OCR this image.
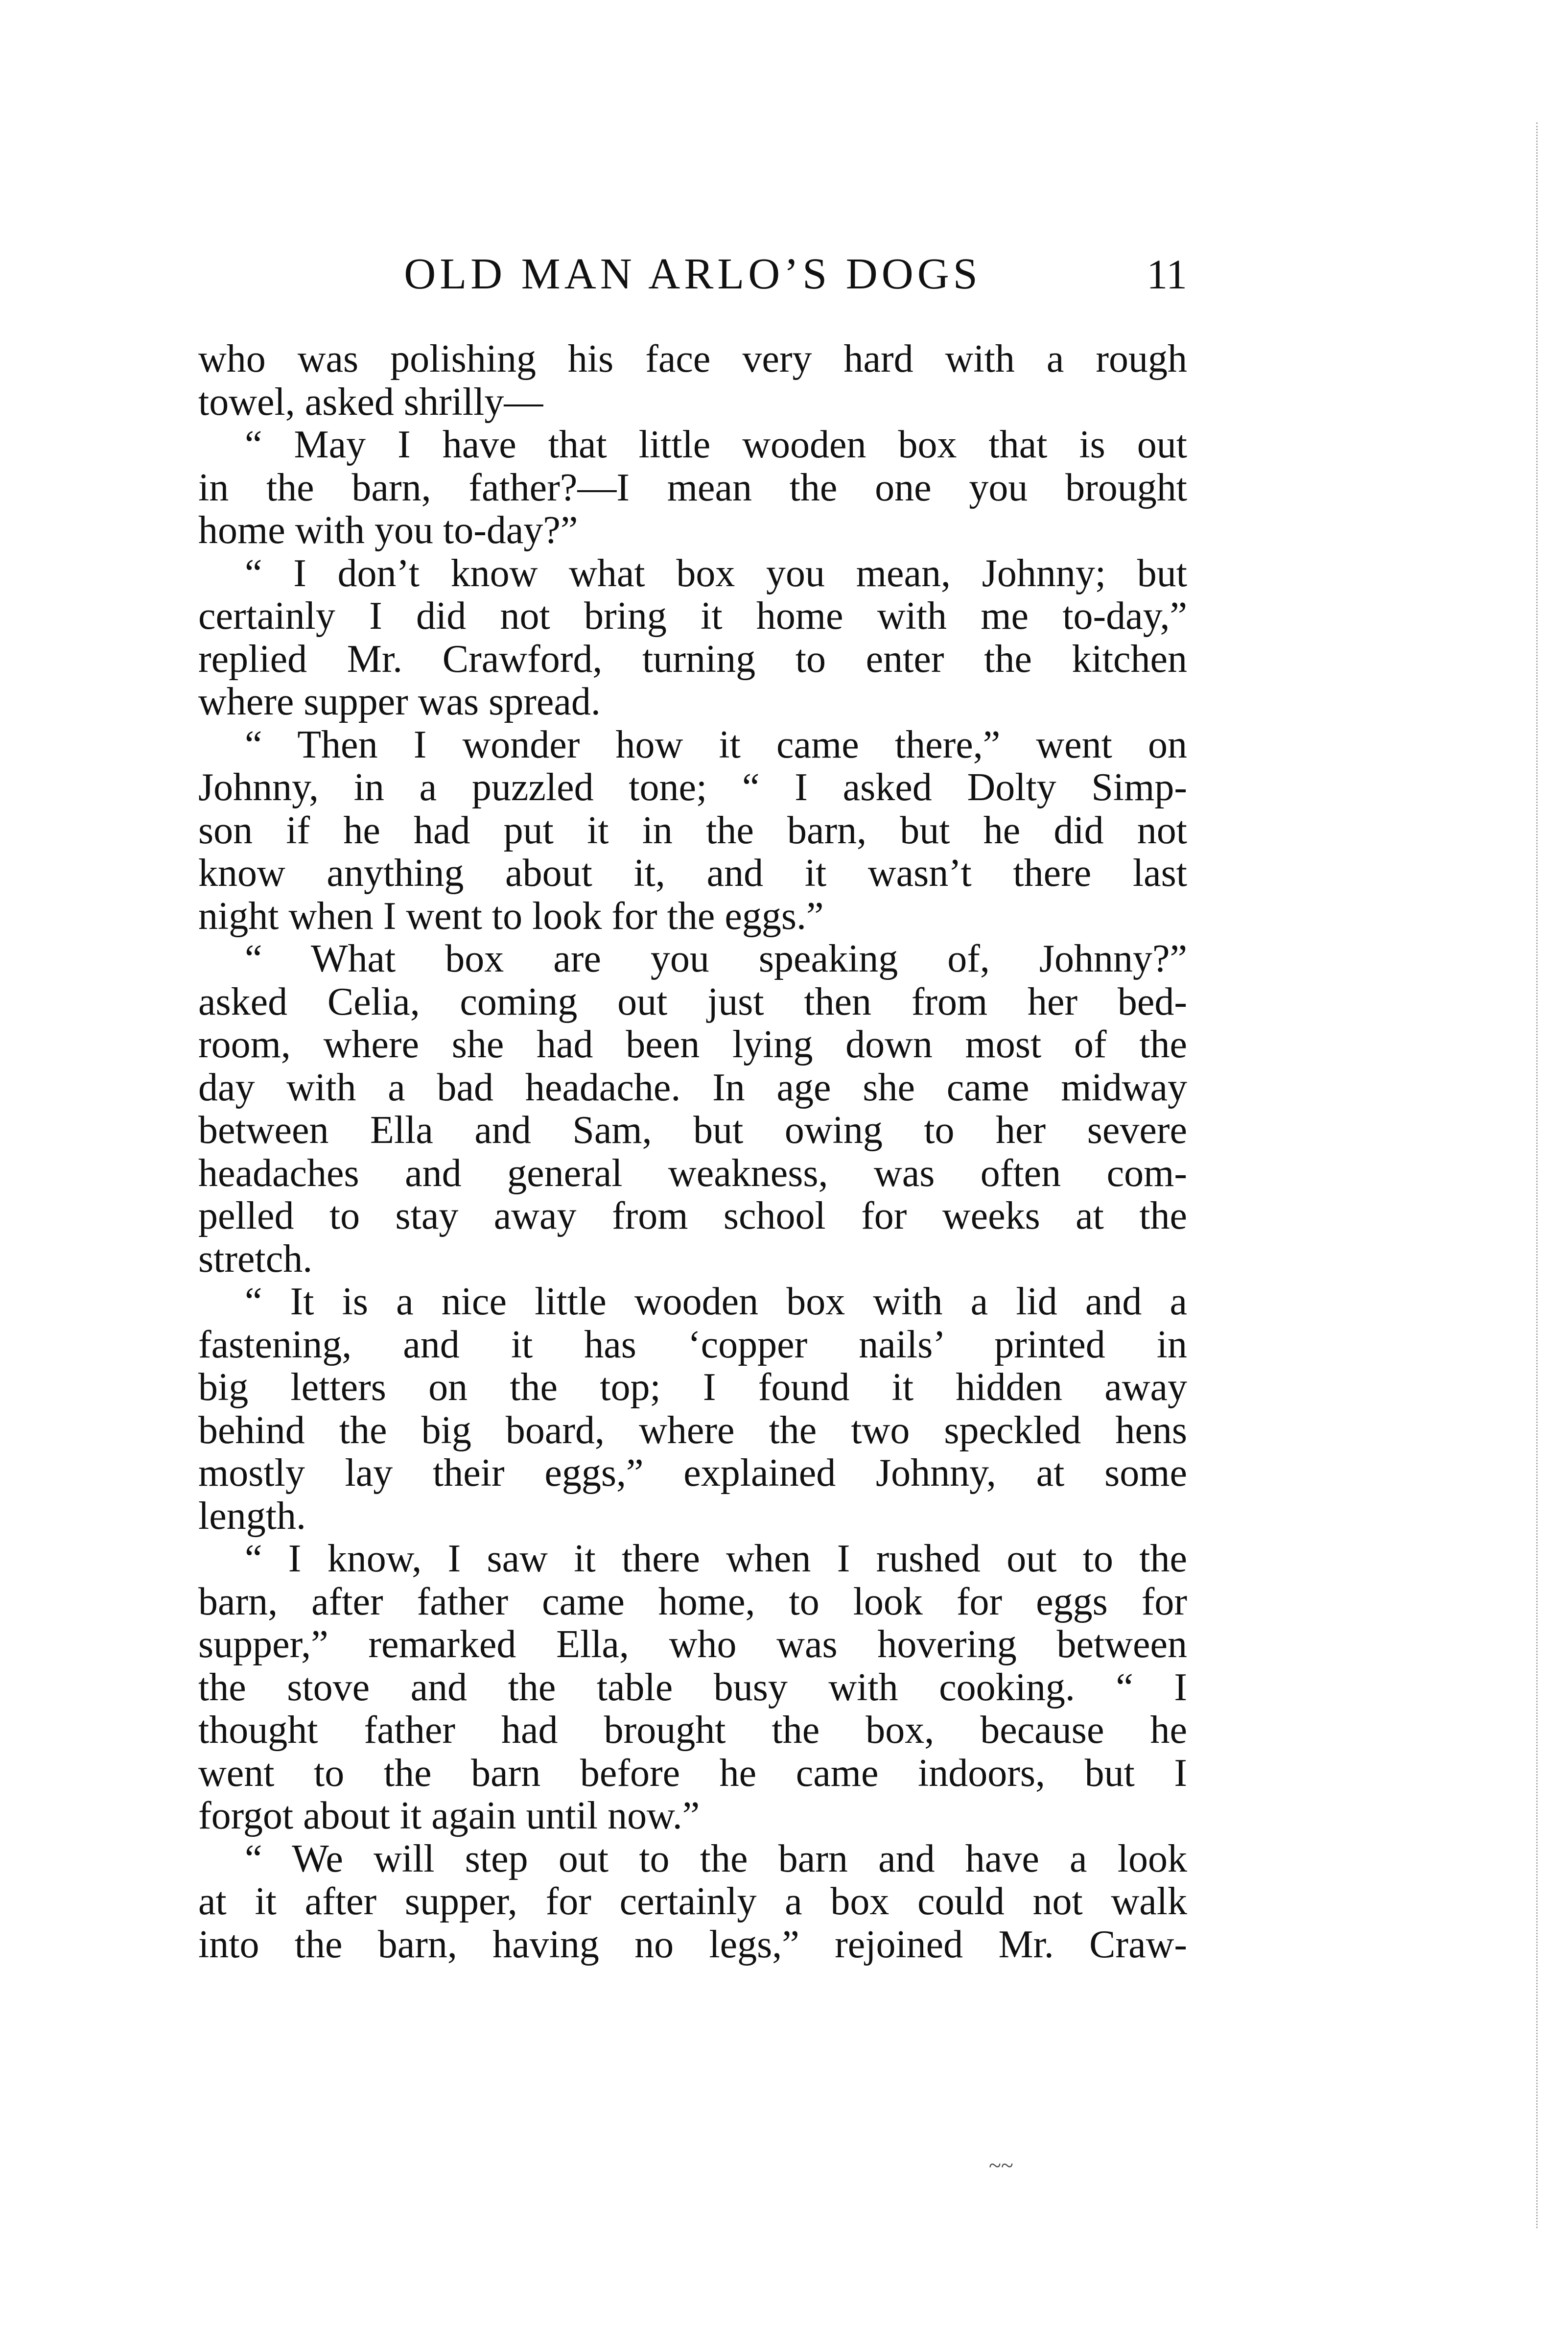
OLD MAN ARLO’S DOGS	11
who was polishing his face very hard with a rough
towel, asked shrilly—
“ May I have that little wooden box that is out
in the barn, father?—I mean the one you brought
home with you to-day?”
“ I don’t know what box you mean, Johnny; but
certainly I did not bring it home with me to-day,”
replied Mr. Crawford, turning to enter the kitchen
where supper was spread.
“ Then I wonder how it came there,” went on
Johnny, in a puzzled tone; “ I asked Dolty Simp-
son if he had put it in the barn, but he did not
know anything about it, and it wasn’t there last
night when I went to look for the eggs.”
“ What box are you speaking of, Johnny?”
asked Celia, coming out just then from her bed-
room, where she had been lying down most of the
day with a bad headache. In age she came midway
between Ella and Sam, but owing to her severe
headaches and general weakness, was often com-
pelled to stay away from school for weeks at the
stretch.
“ It is a nice little wooden box with a lid and a
fastening, and it has ‘copper nails’ printed in
big letters on the top; I found it hidden away
behind the big board, where the two speckled hens
mostly lay their eggs,” explained Johnny, at some
length.
“ I know, I saw it there when I rushed out to the
barn, after father came home, to look for eggs for
supper,” remarked Ella, who was hovering between
the stove and the table busy with cooking. “ I
thought father had brought the box, because he
went to the barn before he came indoors, but I
forgot about it again until now.”
“ We will step out to the barn and have a look
at it after supper, for certainly a box could not walk
into the barn, having no legs,” rejoined Mr. Craw-
~~
